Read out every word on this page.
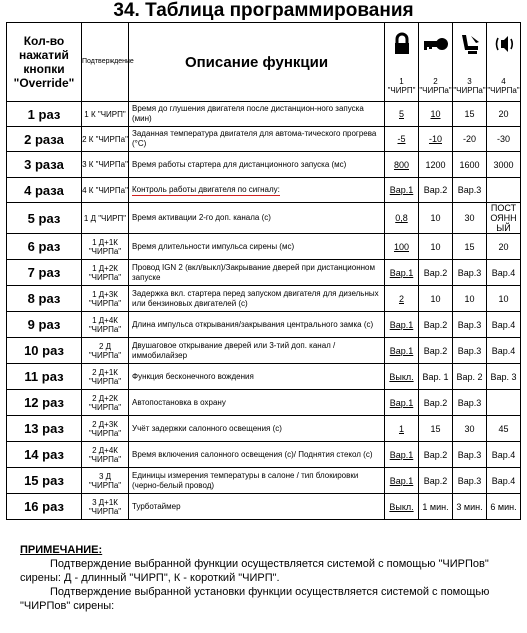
34. Таблица программирования
Кол-во нажатий кнопки "Override"	Подтверждение	Описание функции	1 "ЧИРП"	2 "ЧИРПа"	3 "ЧИРПа"	4 "ЧИРПа"

1 раз	1 К "ЧИРП"	Время до глушения двигателя после дистанцион-ного запуска (мин)	5	10	15	20
2 раза	2 К "ЧИРПа"	Заданная температура двигателя для автома-тического прогрева (°C)	-5	-10	-20	-30
3 раза	3 К "ЧИРПа"	Время работы стартера для дистанционного запуска (мс)	800	1200	1600	3000
4 раза	4 К "ЧИРПа"	Контроль работы двигателя по сигналу:	Вар.1	Вар.2	Вар.3	
5 раз	1 Д "ЧИРП"	Время активации 2-го доп. канала (с)	0,8	10	30	ПОСТ ОЯНН ЫЙ
6 раз	1 Д+1К "ЧИРПа"	Время длительности импульса сирены (мс)	100	10	15	20
7 раз	1 Д+2К "ЧИРПа"	Провод IGN 2 (вкл/выкл)/Закрывание дверей при дистанционном запуске	Вар.1	Вар.2	Вар.3	Вар.4
8 раз	1 Д+3К "ЧИРПа"	Задержка вкл. стартера перед запуском двигателя для дизельных или бензиновых двигателей (с)	2	10	10	10
9 раз	1 Д+4К "ЧИРПа"	Длина импульса открывания/закрывания центрального замка (с)	Вар.1	Вар.2	Вар.3	Вар.4
10 раз	2 Д "ЧИРПа"	Двушаговое открывание дверей или 3-тий доп. канал / иммобилайзер	Вар.1	Вар.2	Вар.3	Вар.4
11 раз	2 Д+1К "ЧИРПа"	Функция бесконечного вождения	Выкл.	Вар. 1	Вар. 2	Вар. 3
12 раз	2 Д+2К "ЧИРПа"	Автопостановка в охрану	Вар.1	Вар.2	Вар.3	
13 раз	2 Д+3К "ЧИРПа"	Учёт задержки салонного освещения (с)	1	15	30	45
14 раз	2 Д+4К "ЧИРПа"	Время включения салонного освещения (с)/ Поднятия стекол (с)	Вар.1	Вар.2	Вар.3	Вар.4
15 раз	3 Д "ЧИРПа"	Единицы измерения температуры в салоне / тип блокировки (черно-белый провод)	Вар.1	Вар.2	Вар.3	Вар.4
16 раз	3 Д+1К "ЧИРПа"	Турботаймер	Выкл.	1 мин.	3 мин.	6 мин.
ПРИМЕЧАНИЕ:

Подтверждение выбранной функции осуществляется системой с помощью "ЧИРПов" сирены: Д - длинный "ЧИРП", К - короткий "ЧИРП".

Подтверждение выбранной установки функции осуществляется системой с помощью "ЧИРПов" сирены:
